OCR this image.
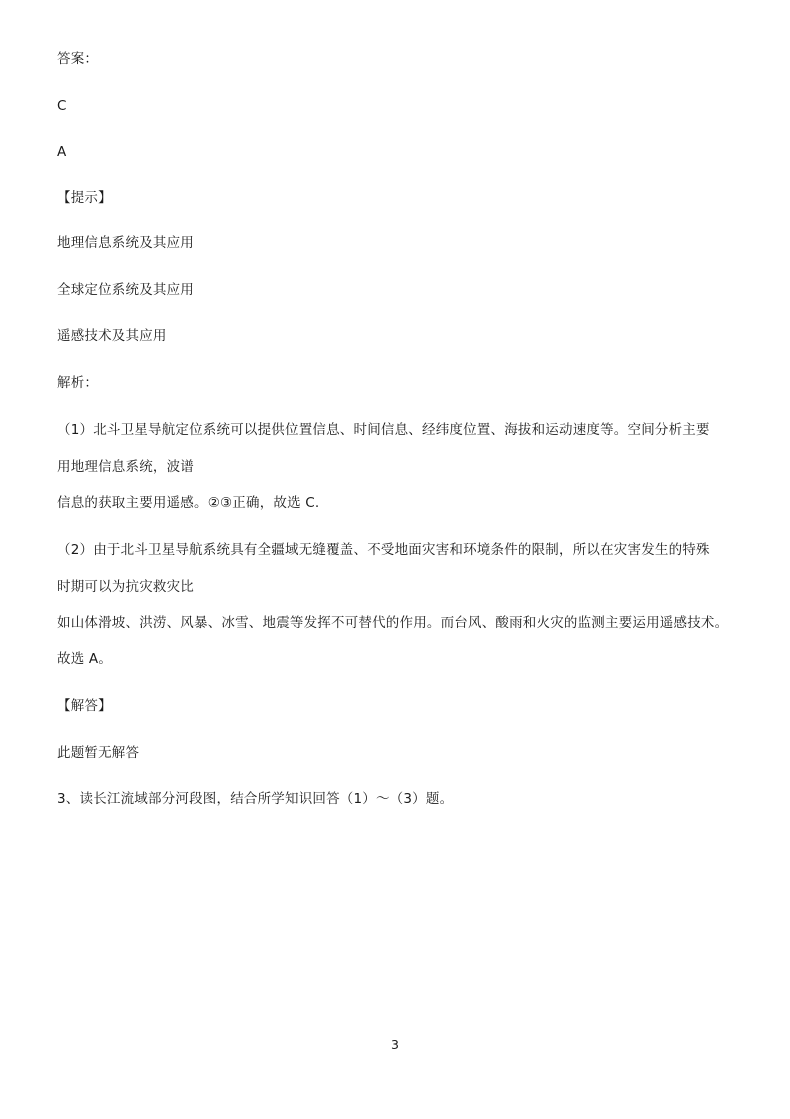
答案：
C
A
【提示】
地理信息系统及其应用
全球定位系统及其应用
遥感技术及其应用
解析：
（1）北斗卫星导航定位系统可以提供位置信息、时间信息、经纬度位置、海拔和运动速度等。空间分析主要
用地理信息系统，波谱
信息的获取主要用遥感。②③正确，故选 C.
（2）由于北斗卫星导航系统具有全疆域无缝覆盖、不受地面灾害和环境条件的限制，所以在灾害发生的特殊
时期可以为抗灾救灾比
如山体滑坡、洪涝、风暴、冰雪、地震等发挥不可替代的作用。而台风、酸雨和火灾的监测主要运用遥感技术。
故选 A。
【解答】
此题暂无解答
3、读长江流域部分河段图，结合所学知识回答（1）～（3）题。
3
